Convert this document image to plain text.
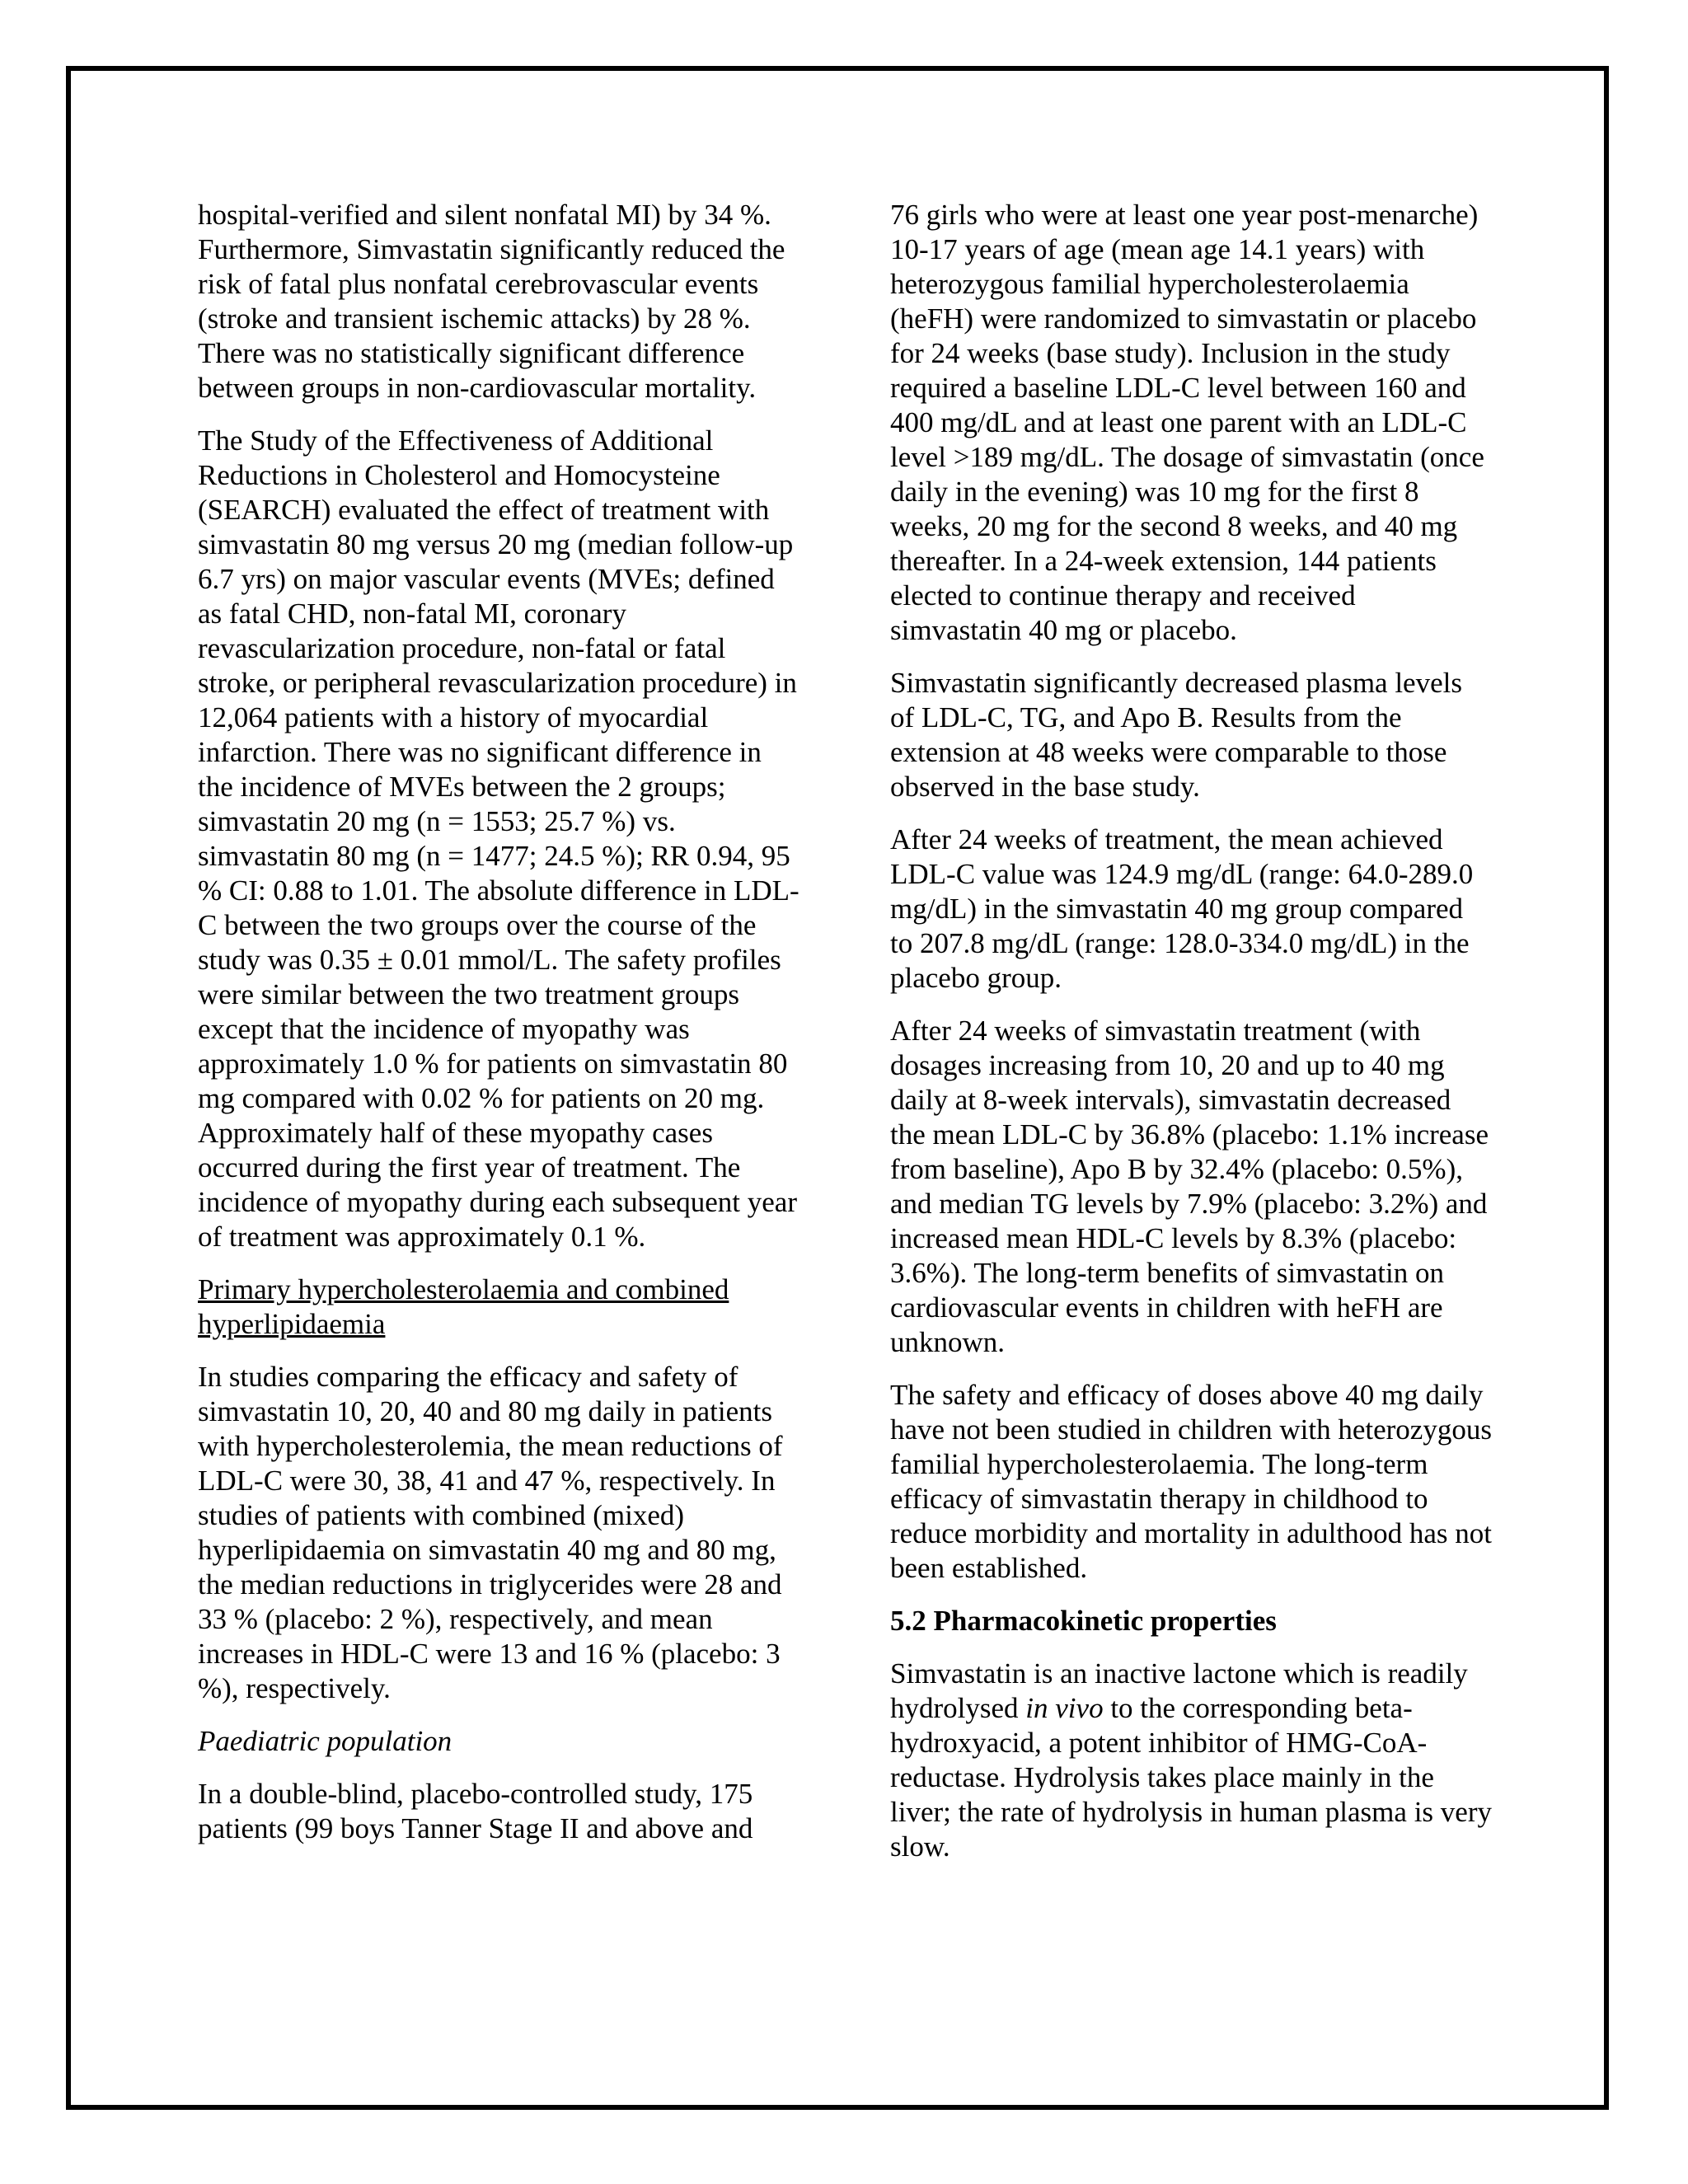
hospital-verified and silent nonfatal MI) by 34 %. Furthermore, Simvastatin significantly reduced the risk of fatal plus nonfatal cerebrovascular events (stroke and transient ischemic attacks) by 28 %. There was no statistically significant difference between groups in non-cardiovascular mortality.

The Study of the Effectiveness of Additional Reductions in Cholesterol and Homocysteine (SEARCH) evaluated the effect of treatment with simvastatin 80 mg versus 20 mg (median follow-up 6.7 yrs) on major vascular events (MVEs; defined as fatal CHD, non-fatal MI, coronary revascularization procedure, non-fatal or fatal stroke, or peripheral revascularization procedure) in 12,064 patients with a history of myocardial infarction. There was no significant difference in the incidence of MVEs between the 2 groups; simvastatin 20 mg (n = 1553; 25.7 %) vs. simvastatin 80 mg (n = 1477; 24.5 %); RR 0.94, 95 % CI: 0.88 to 1.01. The absolute difference in LDL-C between the two groups over the course of the study was 0.35 ± 0.01 mmol/L. The safety profiles were similar between the two treatment groups except that the incidence of myopathy was approximately 1.0 % for patients on simvastatin 80 mg compared with 0.02 % for patients on 20 mg. Approximately half of these myopathy cases occurred during the first year of treatment. The incidence of myopathy during each subsequent year of treatment was approximately 0.1 %.

Primary hypercholesterolaemia and combined hyperlipidaemia

In studies comparing the efficacy and safety of simvastatin 10, 20, 40 and 80 mg daily in patients with hypercholesterolemia, the mean reductions of LDL-C were 30, 38, 41 and 47 %, respectively. In studies of patients with combined (mixed) hyperlipidaemia on simvastatin 40 mg and 80 mg, the median reductions in triglycerides were 28 and 33 % (placebo: 2 %), respectively, and mean increases in HDL-C were 13 and 16 % (placebo: 3 %), respectively.

Paediatric population

In a double-blind, placebo-controlled study, 175 patients (99 boys Tanner Stage II and above and

76 girls who were at least one year post-menarche) 10-17 years of age (mean age 14.1 years) with heterozygous familial hypercholesterolaemia (heFH) were randomized to simvastatin or placebo for 24 weeks (base study). Inclusion in the study required a baseline LDL-C level between 160 and 400 mg/dL and at least one parent with an LDL-C level >189 mg/dL. The dosage of simvastatin (once daily in the evening) was 10 mg for the first 8 weeks, 20 mg for the second 8 weeks, and 40 mg thereafter. In a 24-week extension, 144 patients elected to continue therapy and received simvastatin 40 mg or placebo.

Simvastatin significantly decreased plasma levels of LDL-C, TG, and Apo B. Results from the extension at 48 weeks were comparable to those observed in the base study.

After 24 weeks of treatment, the mean achieved LDL-C value was 124.9 mg/dL (range: 64.0-289.0 mg/dL) in the simvastatin 40 mg group compared to 207.8 mg/dL (range: 128.0-334.0 mg/dL) in the placebo group.

After 24 weeks of simvastatin treatment (with dosages increasing from 10, 20 and up to 40 mg daily at 8-week intervals), simvastatin decreased the mean LDL-C by 36.8% (placebo: 1.1% increase from baseline), Apo B by 32.4% (placebo: 0.5%), and median TG levels by 7.9% (placebo: 3.2%) and increased mean HDL-C levels by 8.3% (placebo: 3.6%). The long-term benefits of simvastatin on cardiovascular events in children with heFH are unknown.

The safety and efficacy of doses above 40 mg daily have not been studied in children with heterozygous familial hypercholesterolaemia. The long-term efficacy of simvastatin therapy in childhood to reduce morbidity and mortality in adulthood has not been established.

5.2 Pharmacokinetic properties

Simvastatin is an inactive lactone which is readily hydrolysed in vivo to the corresponding beta-hydroxyacid, a potent inhibitor of HMG-CoA-reductase. Hydrolysis takes place mainly in the liver; the rate of hydrolysis in human plasma is very slow.
